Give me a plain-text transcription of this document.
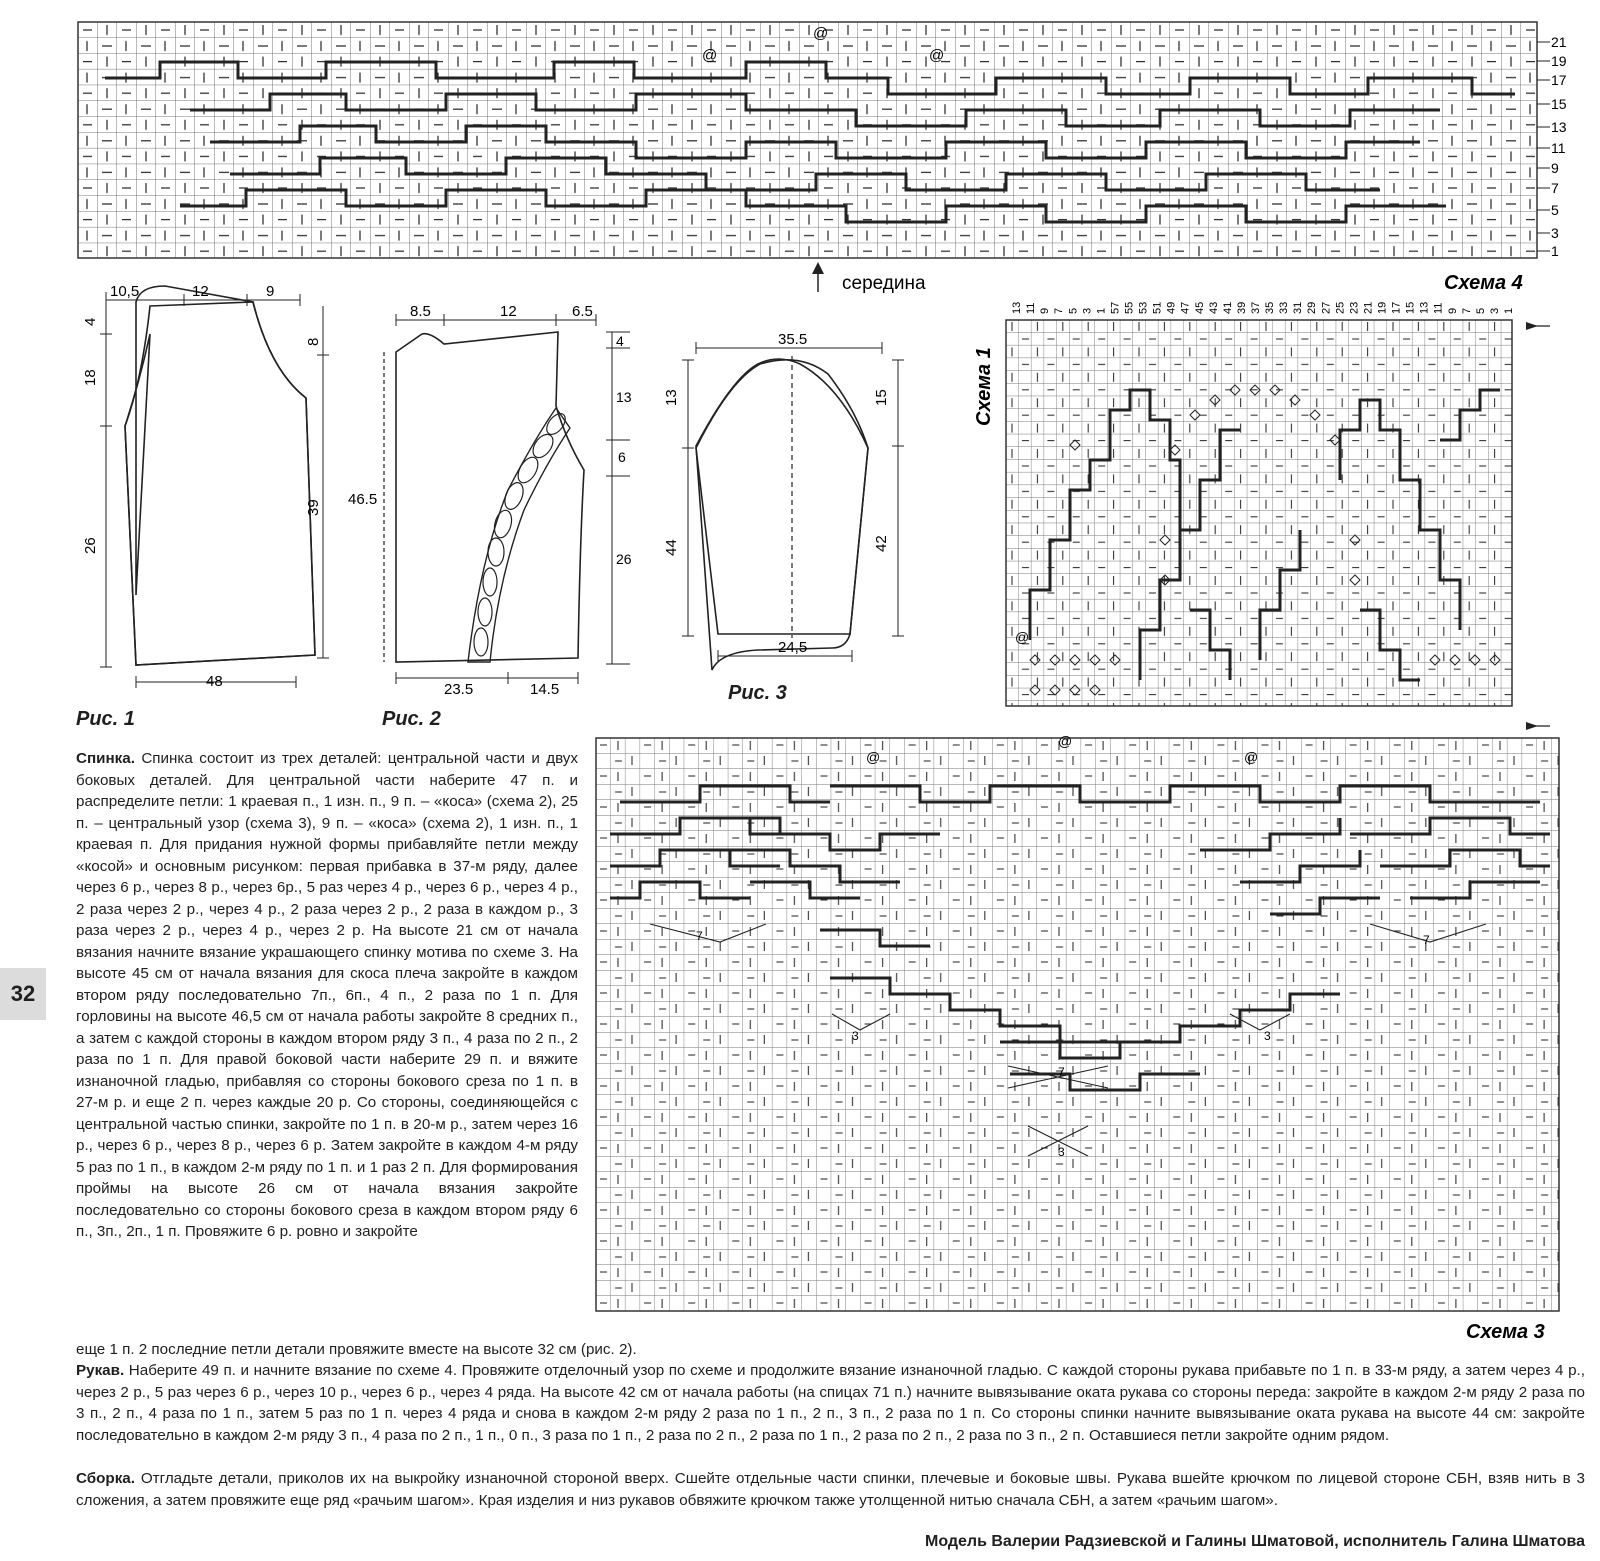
@
@
@
21
19
17
15
13
11
9
7
5
3
1
середина	Схема 4
10,5	12	9
4
18
26
8
39
48
Рис. 1
8.5	12	6.5
46.5
4
13
6
26
23.5	14.5
Рис. 2
35.5
13
44
15
42
24,5
Рис. 3
@
13 11 9 7 5 3 1 57 55 53 51 49 47 45 43 41 39 37 35 33 31 29 27 25 23 21 19 17 15 13 11 9 7 5 3 1
Схема 1
7	7
3	3
7
3
@
@
@
Схема 3
32
Спинка. Спинка состоит из трех деталей: центральной части и двух боковых деталей. Для центральной части наберите 47 п. и распределите петли: 1 краевая п., 1 изн. п., 9 п. – «коса» (схема 2), 25 п. – центральный узор (схема 3), 9 п. – «коса» (схема 2), 1 изн. п., 1 краевая п. Для придания нужной формы прибавляйте петли между «косой» и основным рисунком: первая прибавка в 37-м ряду, далее через 6 р., через 8 р., через 6р., 5 раз через 4 р., через 6 р., через 4 р., 2 раза через 2 р., через 4 р., 2 раза через 2 р., 2 раза в каждом р., 3 раза через 2 р., через 4 р., через 2 р. На высоте 21 см от начала вязания начните вязание украшающего спинку мотива по схеме 3. На высоте 45 см от начала вязания для скоса плеча закройте в каждом втором ряду последовательно 7п., 6п., 4 п., 2 раза по 1 п. Для горловины на высоте 46,5 см от начала работы закройте 8 средних п., а затем с каждой стороны в каждом втором ряду 3 п., 4 раза по 2 п., 2 раза по 1 п. Для правой боковой части наберите 29 п. и вяжите изнаночной гладью, прибавляя со стороны бокового среза по 1 п. в 27-м р. и еще 2 п. через каждые 20 р. Со стороны, соединяющейся с центральной частью спинки, закройте по 1 п. в 20-м р., затем через 16 р., через 6 р., через 8 р., через 6 р. Затем закройте в каждом 4-м ряду 5 раз по 1 п., в каждом 2-м ряду по 1 п. и 1 раз 2 п. Для формирования проймы на высоте 26 см от начала вязания закройте последовательно со стороны бокового среза в каждом втором ряду 6 п., 3п., 2п., 1 п. Провяжите 6 р. ровно и закройте
еще 1 п. 2 последние петли детали провяжите вместе на высоте 32 см (рис. 2).
Рукав. Наберите 49 п. и начните вязание по схеме 4. Провяжите отделочный узор по схеме и продолжите вязание изнаночной гладью. С каждой стороны рукава прибавьте по 1 п. в 33-м ряду, а затем через 4 р., через 2 р., 5 раз через 6 р., через 10 р., через 6 р., через 4 ряда. На высоте 42 см от начала работы (на спицах 71 п.) начните вывязывание оката рукава со стороны переда: закройте в каждом 2-м ряду 2 раза по 3 п., 2 п., 4 раза по 1 п., затем 5 раз по 1 п. через 4 ряда и снова в каждом 2-м ряду 2 раза по 1 п., 2 п., 3 п., 2 раза по 1 п. Со стороны спинки начните вывязывание оката рукава на высоте 44 см: закройте последовательно в каждом 2-м ряду 3 п., 4 раза по 2 п., 1 п., 0 п., 3 раза по 1 п., 2 раза по 2 п., 2 раза по 1 п., 2 раза по 2 п., 2 раза по 3 п., 2 п. Оставшиеся петли закройте одним рядом.
Сборка. Отгладьте детали, приколов их на выкройку изнаночной стороной вверх. Сшейте отдельные части спинки, плечевые и боковые швы. Рукава вшейте крючком по лицевой стороне СБН, взяв нить в 3 сложения, а затем провяжите еще ряд «рачьим шагом». Края изделия и низ рукавов обвяжите крючком также утолщенной нитью сначала СБН, а затем «рачьим шагом».
Модель Валерии Радзиевской и Галины Шматовой, исполнитель Галина Шматова
